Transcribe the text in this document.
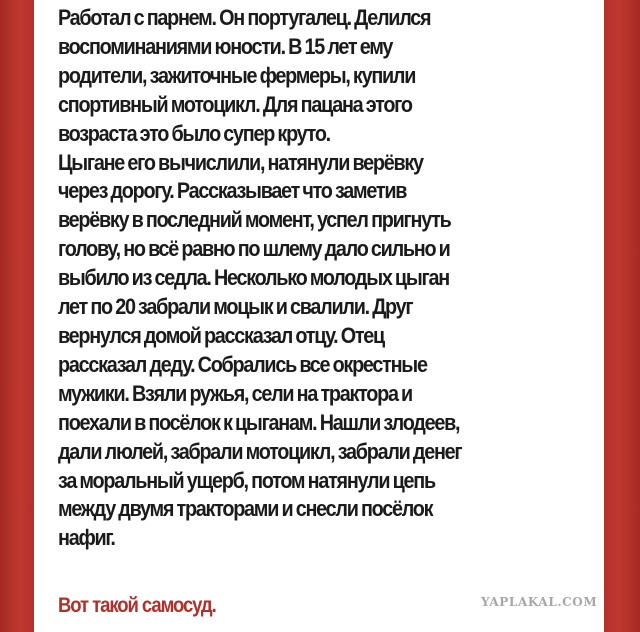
Работал с парнем. Он португалец. Делился
воспоминаниями юности. В 15 лет ему
родители, зажиточные фермеры, купили
спортивный мотоцикл. Для пацана этого
возраста это было супер круто.
Цыгане его вычислили, натянули верёвку
через дорогу. Рассказывает что заметив
верёвку в последний момент, успел пригнуть
голову, но всё равно по шлему дало сильно и
выбило из седла. Несколько молодых цыган
лет по 20 забрали моцык и свалили. Друг
вернулся домой рассказал отцу. Отец
рассказал деду. Собрались все окрестные
мужики. Взяли ружья, сели на трактора и
поехали в посёлок к цыганам. Нашли злодеев,
дали люлей, забрали мотоцикл, забрали денег
за моральный ущерб, потом натянули цепь
между двумя тракторами и снесли посёлок
нафиг.

Вот такой самосуд.	YAPLAKAL.COM
